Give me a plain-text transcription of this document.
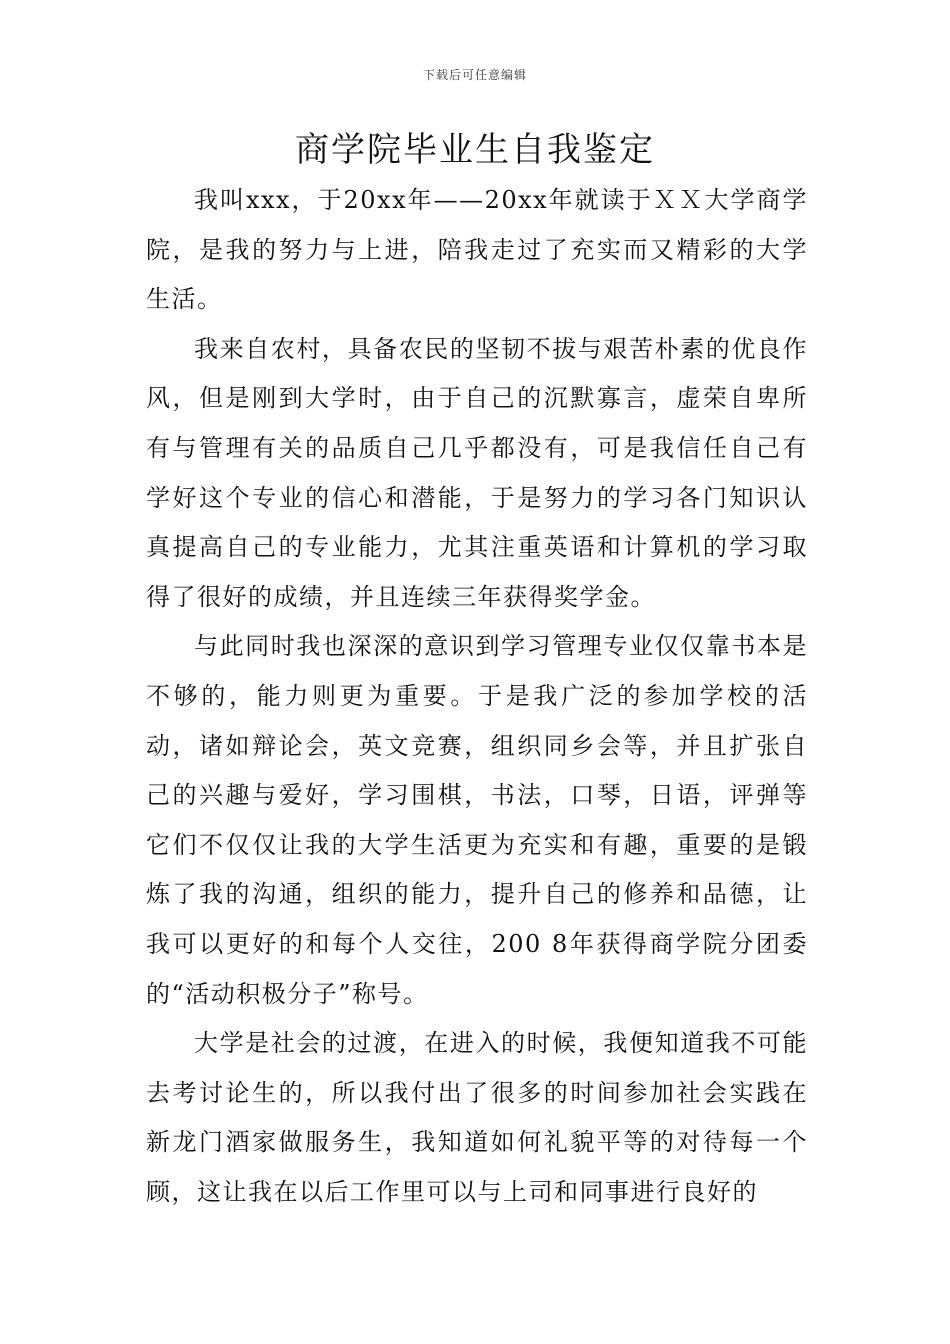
下载后可任意编辑
商学院毕业生自我鉴定

我叫xxx，于20xx年——20xx年就读于ＸＸ大学商学院，是我的努力与上进，陪我走过了充实而又精彩的大学生活。

我来自农村，具备农民的坚韧不拔与艰苦朴素的优良作风，但是刚到大学时，由于自己的沉默寡言，虚荣自卑所有与管理有关的品质自己几乎都没有，可是我信任自己有学好这个专业的信心和潜能，于是努力的学习各门知识认真提高自己的专业能力，尤其注重英语和计算机的学习取得了很好的成绩，并且连续三年获得奖学金。

与此同时我也深深的意识到学习管理专业仅仅靠书本是不够的，能力则更为重要。于是我广泛的参加学校的活动，诸如辩论会，英文竞赛，组织同乡会等，并且扩张自己的兴趣与爱好，学习围棋，书法，口琴，日语，评弹等它们不仅仅让我的大学生活更为充实和有趣，重要的是锻炼了我的沟通，组织的能力，提升自己的修养和品德，让我可以更好的和每个人交往，200 8年获得商学院分团委的“活动积极分子”称号。

大学是社会的过渡，在进入的时候，我便知道我不可能去考讨论生的，所以我付出了很多的时间参加社会实践在新龙门酒家做服务生，我知道如何礼貌平等的对待每一个顾，这让我在以后工作里可以与上司和同事进行良好的
